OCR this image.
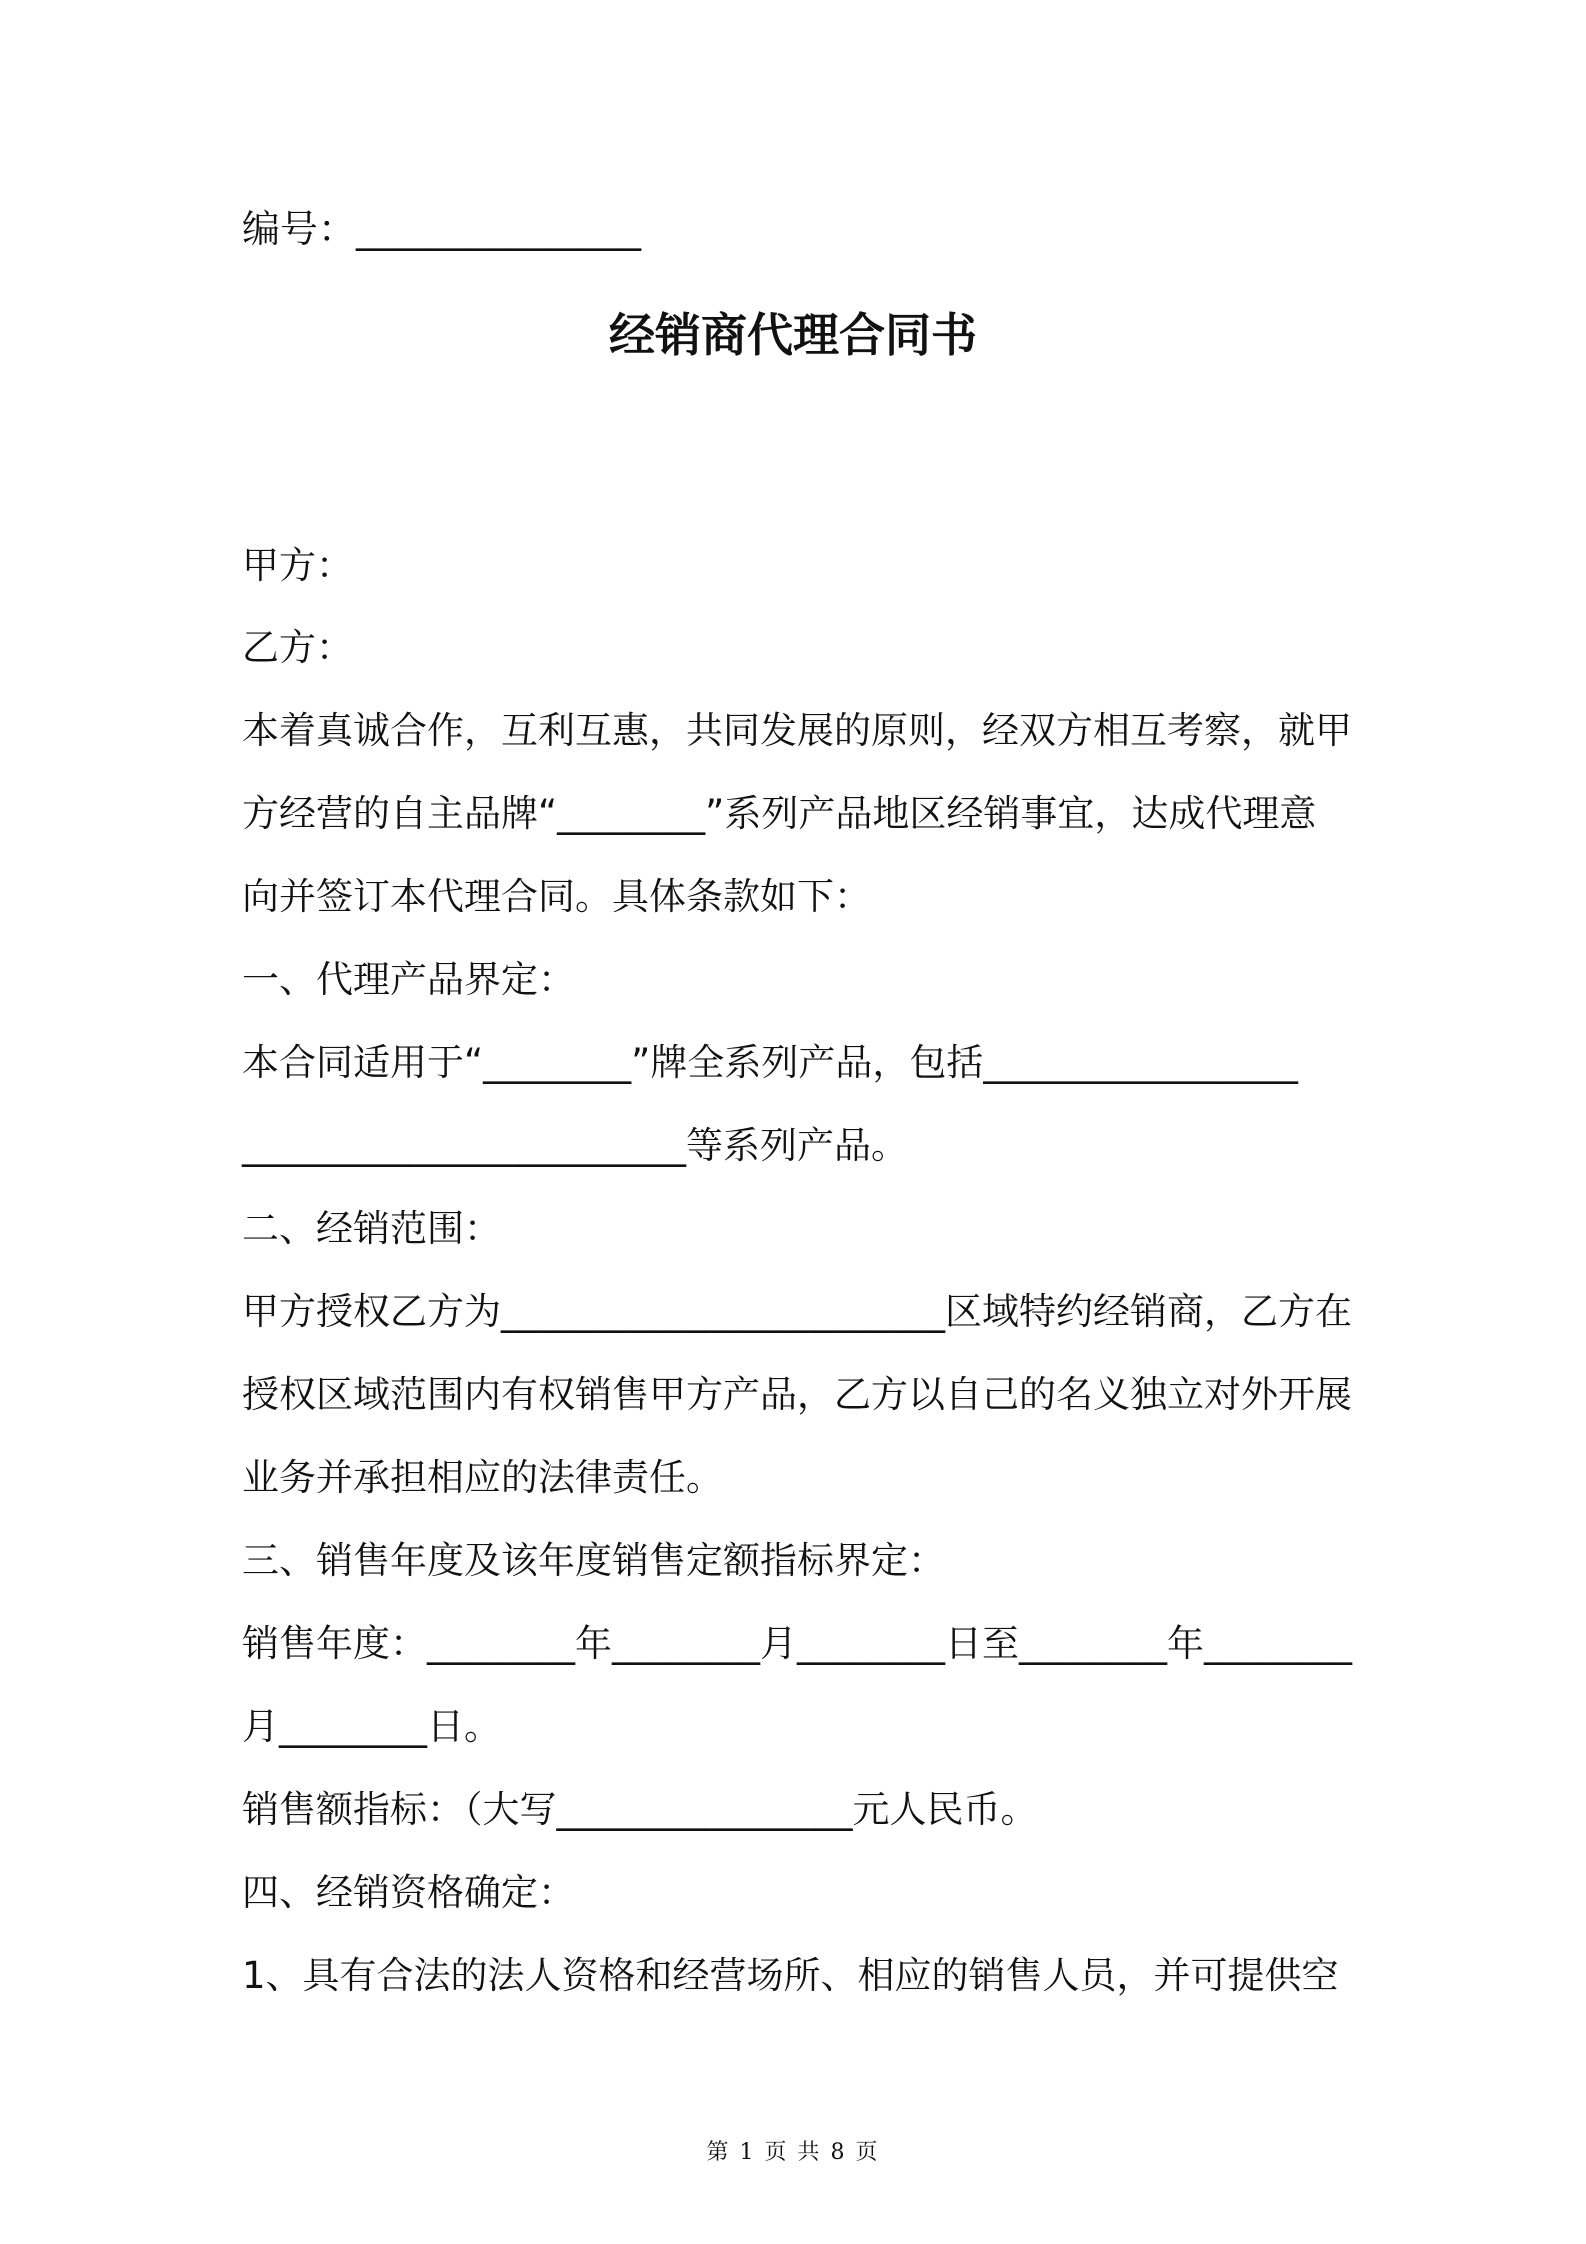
编号：_______________
经销商代理合同书
甲方：
乙方：
本着真诚合作，互利互惠，共同发展的原则，经双方相互考察，就甲
方经营的自主品牌“________”系列产品地区经销事宜，达成代理意
向并签订本代理合同。具体条款如下：
一、代理产品界定：
本合同适用于“________”牌全系列产品，包括_________________
________________________等系列产品。
二、经销范围：
甲方授权乙方为________________________区域特约经销商，乙方在
授权区域范围内有权销售甲方产品，乙方以自己的名义独立对外开展
业务并承担相应的法律责任。
三、销售年度及该年度销售定额指标界定：
销售年度：________年________月________日至________年________
月________日。
销售额指标：（大写________________元人民币。
四、经销资格确定：
1、具有合法的法人资格和经营场所、相应的销售人员，并可提供空
第 1 页 共 8 页
